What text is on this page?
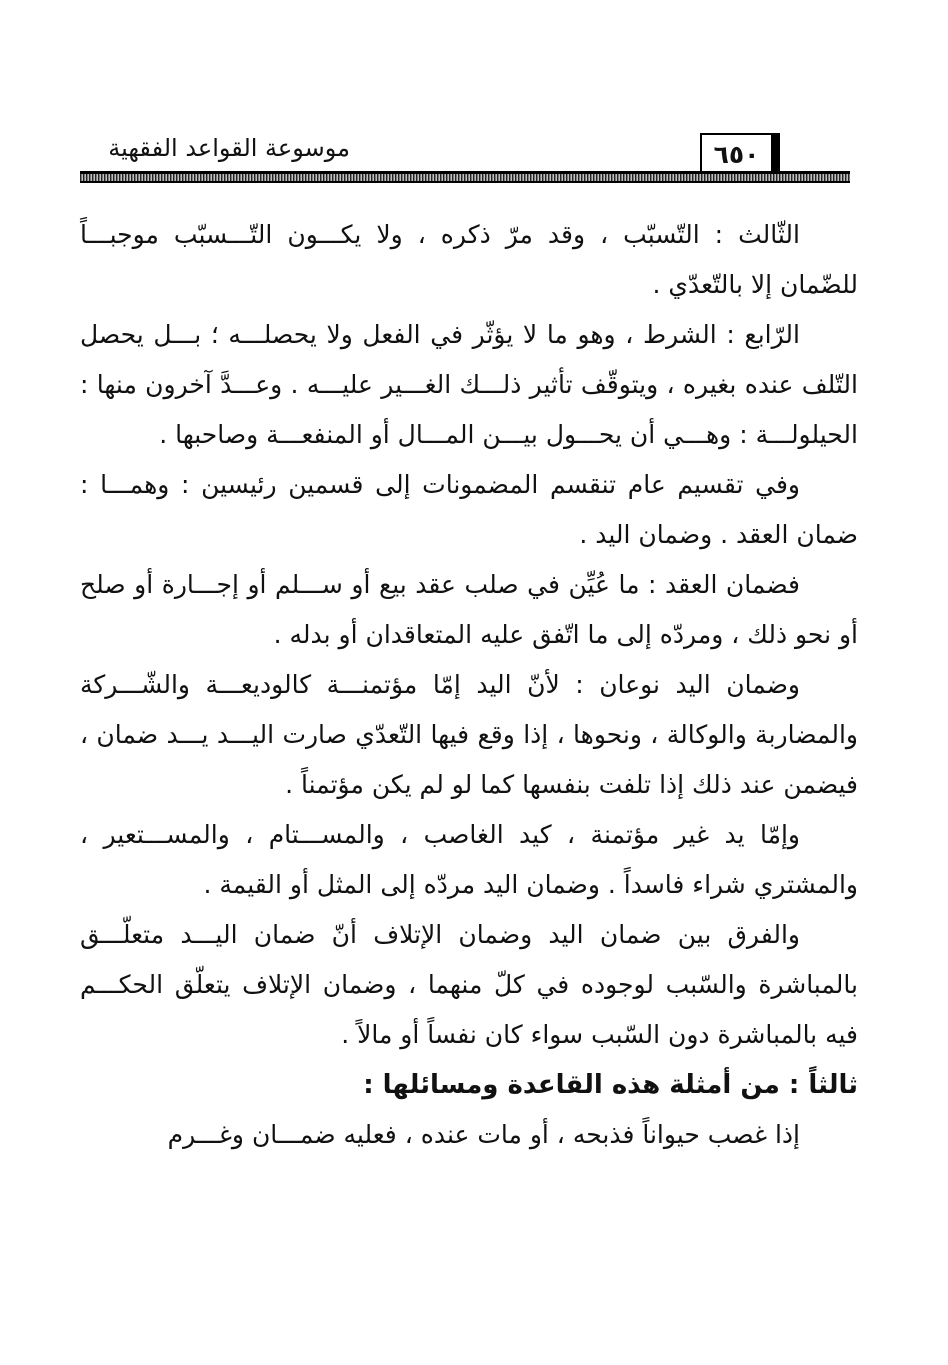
موسوعة القواعد الفقهية	٦٥٠

الثّالث : التّسبّب ، وقد مرّ ذكره ، ولا يكـــون التّـــسبّب موجبـــاً للضّمان إلا بالتّعدّي .

الرّابع : الشرط ، وهو ما لا يؤثّر في الفعل ولا يحصلـــه ؛ بـــل يحصل التّلف عنده بغيره ، ويتوقّف تأثير ذلـــك الغـــير عليـــه . وعـــدَّ آخرون منها : الحيلولـــة : وهـــي أن يحـــول بيـــن المـــال أو المنفعـــة وصاحبها .

وفي تقسيم عام تنقسم المضمونات إلى قسمين رئيسين : وهمـــا : ضمان العقد . وضمان اليد .

فضمان العقد : ما عُيِّن في صلب عقد بيع أو ســـلم أو إجـــارة أو صلح أو نحو ذلك ، ومردّه إلى ما اتّفق عليه المتعاقدان أو بدله .

وضمان اليد نوعان : لأنّ اليد إمّا مؤتمنـــة كالوديعـــة والشّـــركة والمضاربة والوكالة ، ونحوها ، إذا وقع فيها التّعدّي صارت اليـــد يـــد ضمان ، فيضمن عند ذلك إذا تلفت بنفسها كما لو لم يكن مؤتمناً .

وإمّا يد غير مؤتمنة ، كيد الغاصب ، والمســـتام ، والمســـتعير ، والمشتري شراء فاسداً . وضمان اليد مردّه إلى المثل أو القيمة .

والفرق بين ضمان اليد وضمان الإتلاف أنّ ضمان اليـــد متعلّـــق بالمباشرة والسّبب لوجوده في كلّ منهما ، وضمان الإتلاف يتعلّق الحكـــم فيه بالمباشرة دون السّبب سواء كان نفساً أو مالاً .

ثالثاً : من أمثلة هذه القاعدة ومسائلها :

إذا غصب حيواناً فذبحه ، أو مات عنده ، فعليه ضمـــان وغـــرم
